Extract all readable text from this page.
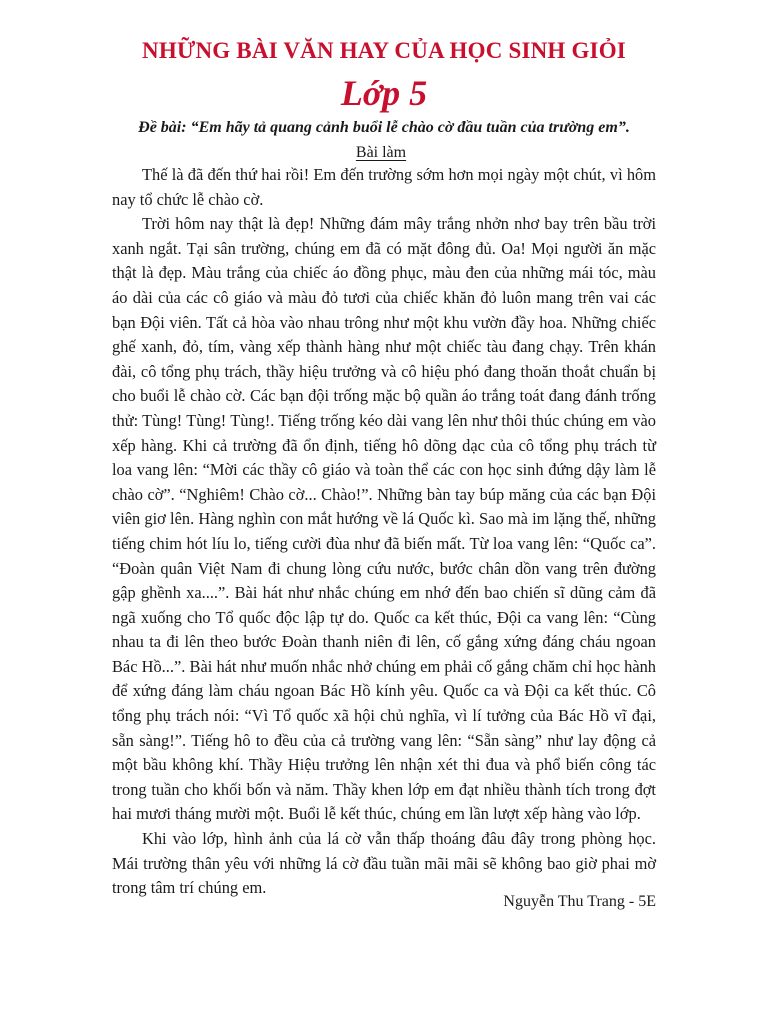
NHỮNG BÀI VĂN HAY CỦA HỌC SINH GIỎI
Lớp 5

Đề bài: “Em hãy tả quang cảnh buổi lễ chào cờ đầu tuần của trường em”.

Bài làm

Thế là đã đến thứ hai rồi! Em đến trường sớm hơn mọi ngày một chút, vì hôm nay tổ chức lễ chào cờ.

Trời hôm nay thật là đẹp! Những đám mây trắng nhởn nhơ bay trên bầu trời xanh ngắt. Tại sân trường, chúng em đã có mặt đông đủ. Oa! Mọi người ăn mặc thật là đẹp. Màu trắng của chiếc áo đồng phục, màu đen của những mái tóc, màu áo dài của các cô giáo và màu đỏ tươi của chiếc khăn đỏ luôn mang trên vai các bạn Đội viên. Tất cả hòa vào nhau trông như một khu vườn đầy hoa. Những chiếc ghế xanh, đỏ, tím, vàng xếp thành hàng như một chiếc tàu đang chạy. Trên khán đài, cô tổng phụ trách, thầy hiệu trưởng và cô hiệu phó đang thoăn thoắt chuẩn bị cho buổi lễ chào cờ. Các bạn đội trống mặc bộ quần áo trắng toát đang đánh trống thử: Tùng! Tùng! Tùng!. Tiếng trống kéo dài vang lên như thôi thúc chúng em vào xếp hàng. Khi cả trường đã ổn định, tiếng hô dõng dạc của cô tổng phụ trách từ loa vang lên: “Mời các thầy cô giáo và toàn thể các con học sinh đứng dậy làm lễ chào cờ”. “Nghiêm! Chào cờ... Chào!”. Những bàn tay búp măng của các bạn Đội viên giơ lên. Hàng nghìn con mắt hướng về lá Quốc kì. Sao mà im lặng thế, những tiếng chim hót líu lo, tiếng cười đùa như đã biến mất. Từ loa vang lên: “Quốc ca”. “Đoàn quân Việt Nam đi chung lòng cứu nước, bước chân dồn vang trên đường gập ghềnh xa....”. Bài hát như nhắc chúng em nhớ đến bao chiến sĩ dũng cảm đã ngã xuống cho Tổ quốc độc lập tự do. Quốc ca kết thúc, Đội ca vang lên: “Cùng nhau ta đi lên theo bước Đoàn thanh niên đi lên, cố gắng xứng đáng cháu ngoan Bác Hồ...”. Bài hát như muốn nhắc nhở chúng em phải cố gắng chăm chỉ học hành để xứng đáng làm cháu ngoan Bác Hồ kính yêu. Quốc ca và Đội ca kết thúc. Cô tổng phụ trách nói: “Vì Tổ quốc xã hội chủ nghĩa, vì lí tưởng của Bác Hồ vĩ đại, sẵn sàng!”. Tiếng hô to đều của cả trường vang lên: “Sẵn sàng” như lay động cả một bầu không khí. Thầy Hiệu trưởng lên nhận xét thi đua và phổ biến công tác trong tuần cho khối bốn và năm. Thầy khen lớp em đạt nhiều thành tích trong đợt hai mươi tháng mười một. Buổi lễ kết thúc, chúng em lần lượt xếp hàng vào lớp.

Khi vào lớp, hình ảnh của lá cờ vẫn thấp thoáng đâu đây trong phòng học. Mái trường thân yêu với những lá cờ đầu tuần mãi mãi sẽ không bao giờ phai mờ trong tâm trí chúng em.

Nguyễn Thu Trang - 5E
